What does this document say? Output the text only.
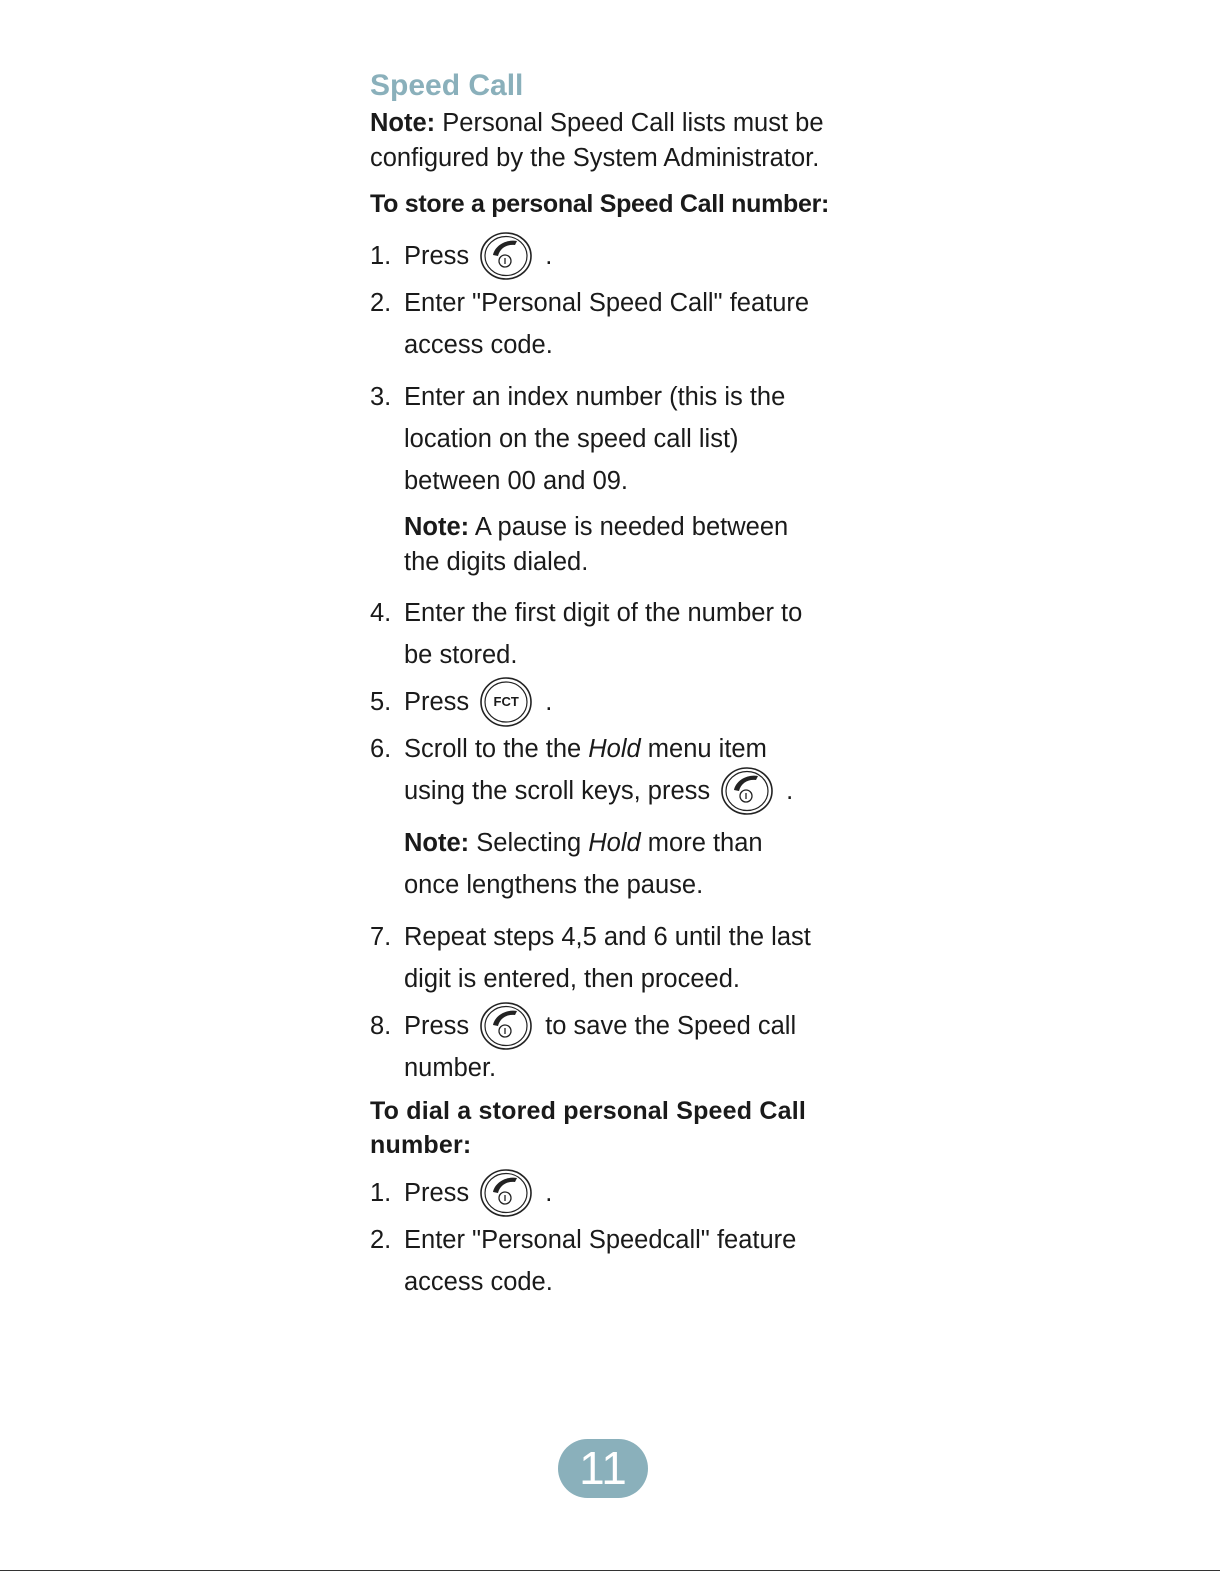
Speed Call
Note: Personal Speed Call lists must be configured by the System Administrator.
To store a personal Speed Call number:
1. Press	.
2. Enter "Personal Speed Call" feature access code.
3. Enter an index number (this is the location on the speed call list) between 00 and 09.
Note: A pause is needed between the digits dialed.
4. Enter the first digit of the number to be stored.
5. Press	FCT	.
6. Scroll to the the Hold menu item
using the scroll keys, press	.
Note: Selecting Hold more than once lengthens the pause.
7. Repeat steps 4,5 and 6 until the last digit is entered, then proceed.
8. Press	to save the Speed call
number.
To dial a stored personal Speed Call number:
1. Press	.
2. Enter "Personal Speedcall" feature access code.
11
